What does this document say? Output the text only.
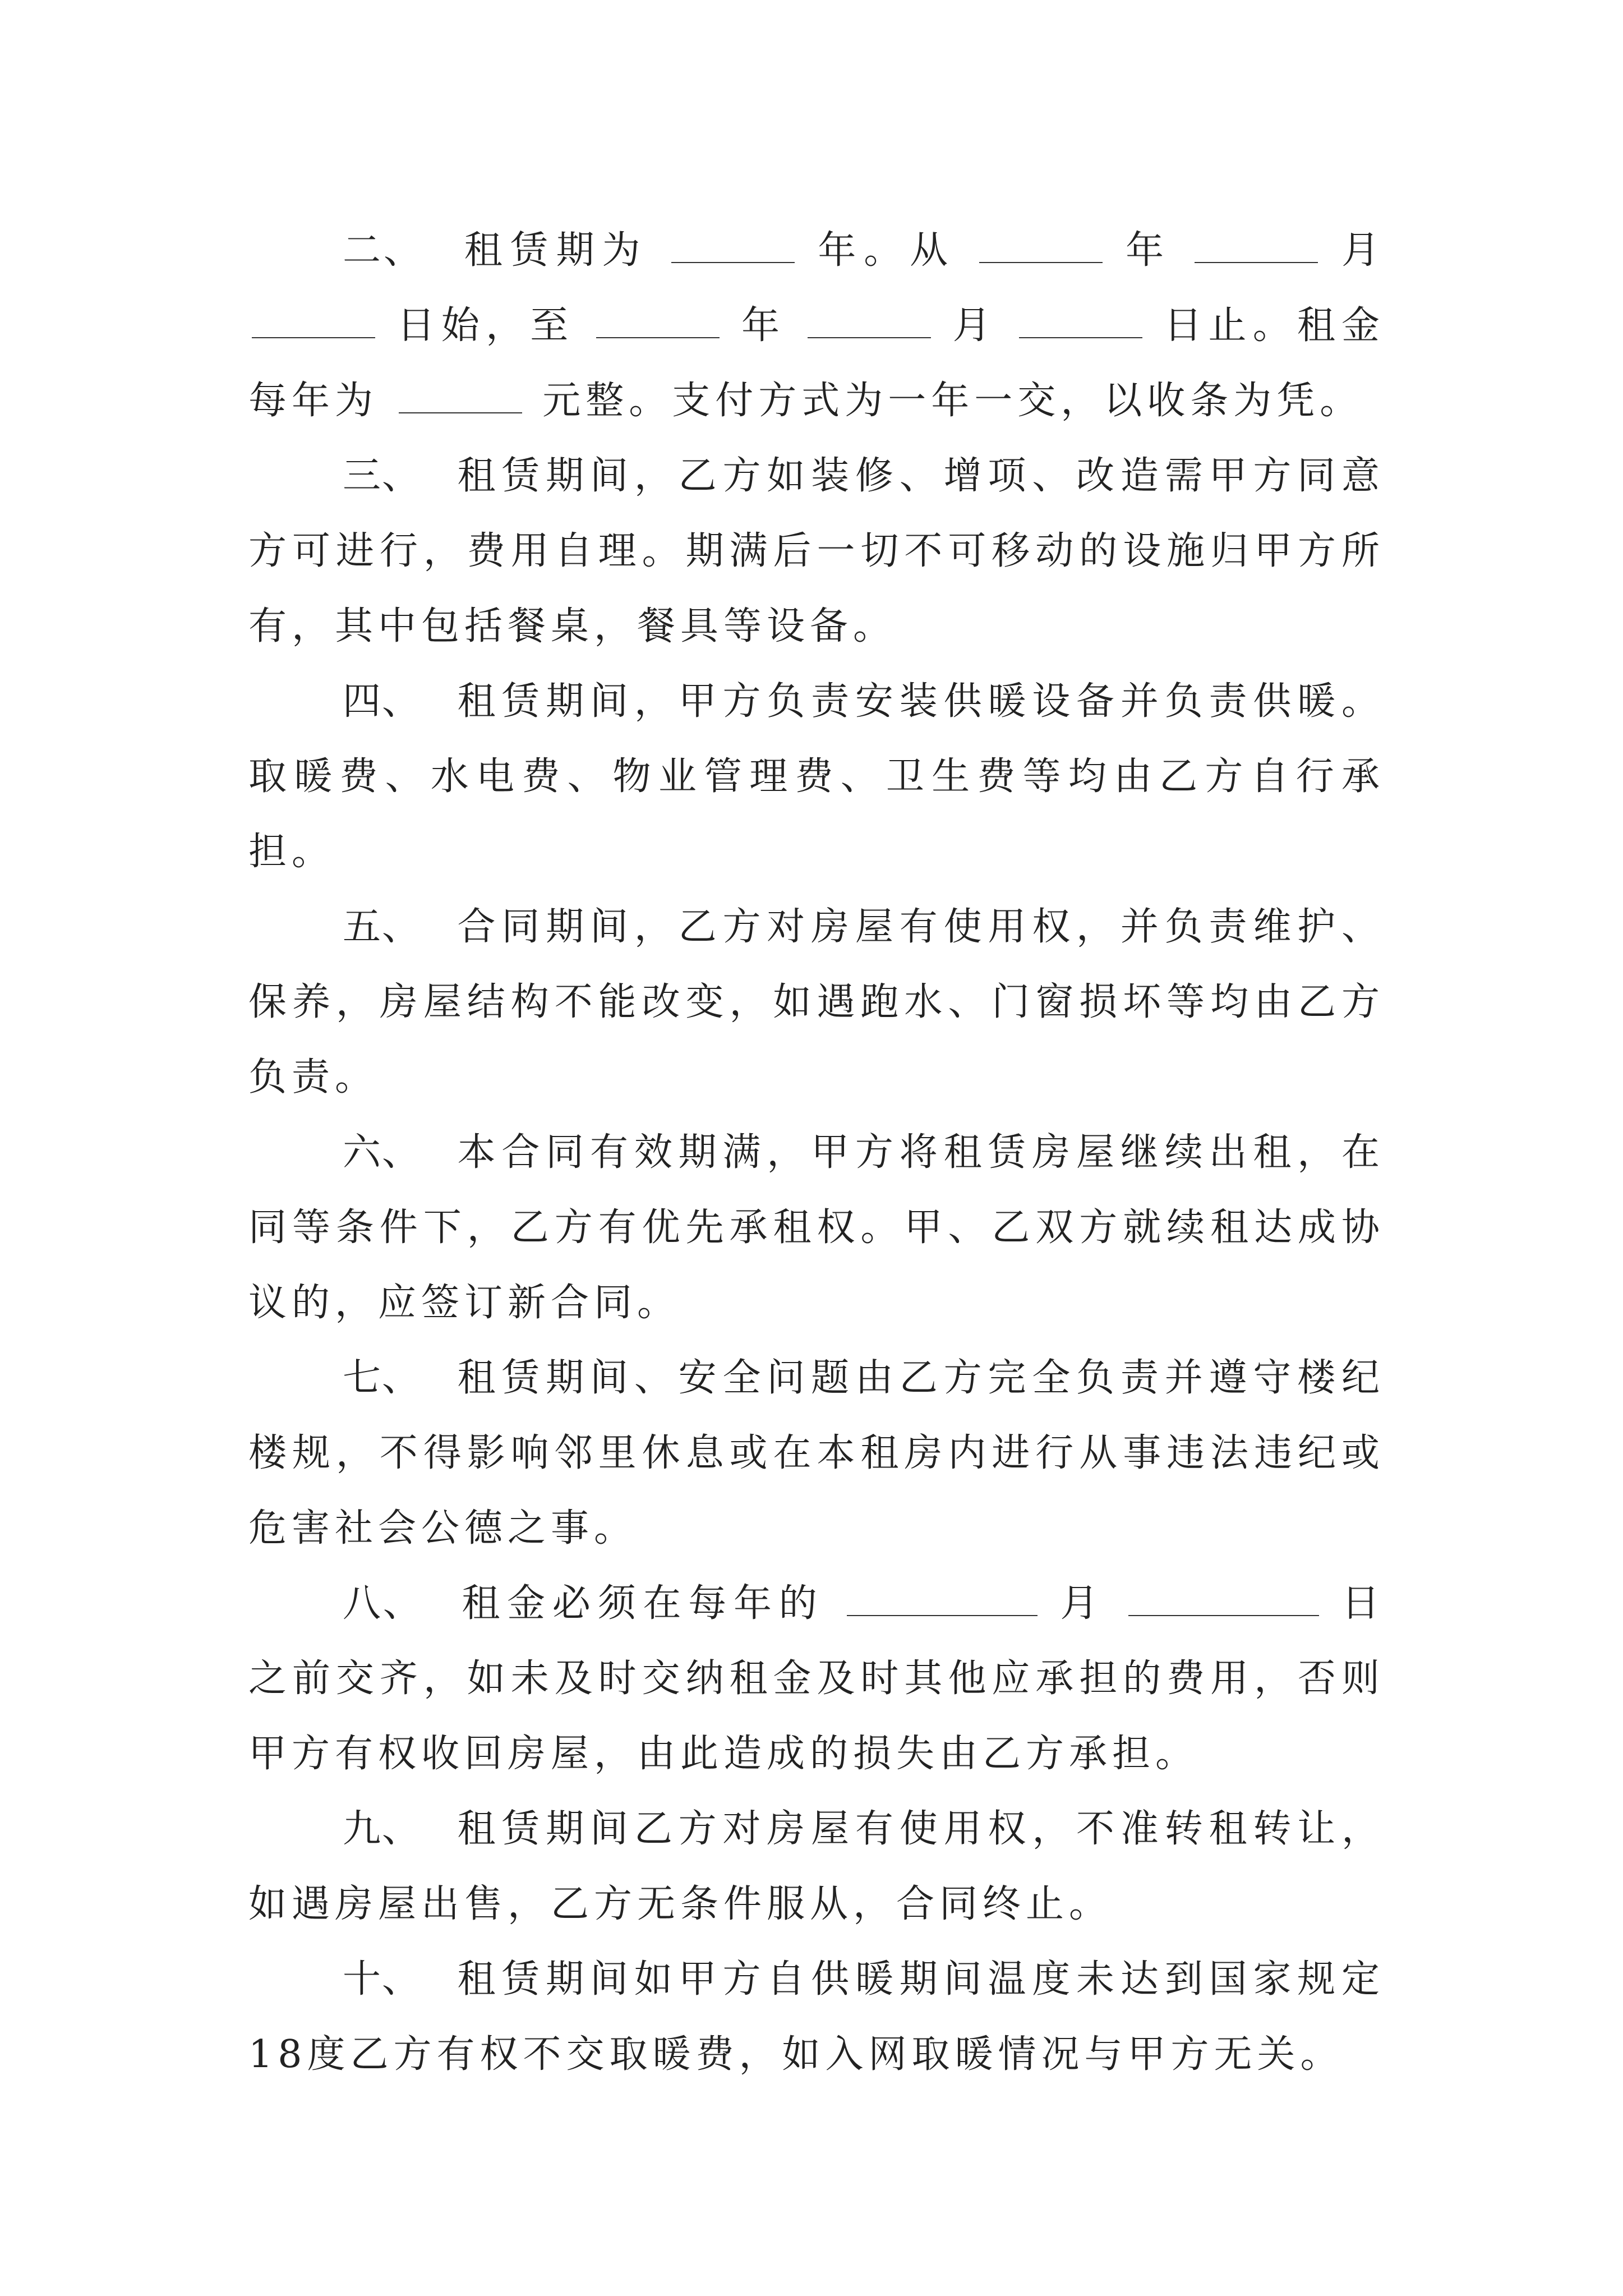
二、 租赁期为	年。从	年	月  日始，至	年	月	日止。租金每年为	元整。支付方式为一年一交，以收条为凭。

三、 租赁期间，乙方如装修、增项、改造需甲方同意方可进行，费用自理。期满后一切不可移动的设施归甲方所有，其中包括餐桌，餐具等设备。

四、 租赁期间，甲方负责安装供暖设备并负责供暖。取暖费、水电费、物业管理费、卫生费等均由乙方自行承担。

五、 合同期间，乙方对房屋有使用权，并负责维护、保养，房屋结构不能改变，如遇跑水、门窗损坏等均由乙方负责。

六、 本合同有效期满，甲方将租赁房屋继续出租，在同等条件下，乙方有优先承租权。甲、乙双方就续租达成协议的，应签订新合同。

七、 租赁期间、安全问题由乙方完全负责并遵守楼纪楼规，不得影响邻里休息或在本租房内进行从事违法违纪或危害社会公德之事。

八、 租金必须在每年的	月	日之前交齐，如未及时交纳租金及时其他应承担的费用，否则甲方有权收回房屋，由此造成的损失由乙方承担。

九、 租赁期间乙方对房屋有使用权，不准转租转让，如遇房屋出售，乙方无条件服从，合同终止。

十、 租赁期间如甲方自供暖期间温度未达到国家规定18度乙方有权不交取暖费，如入网取暖情况与甲方无关。
